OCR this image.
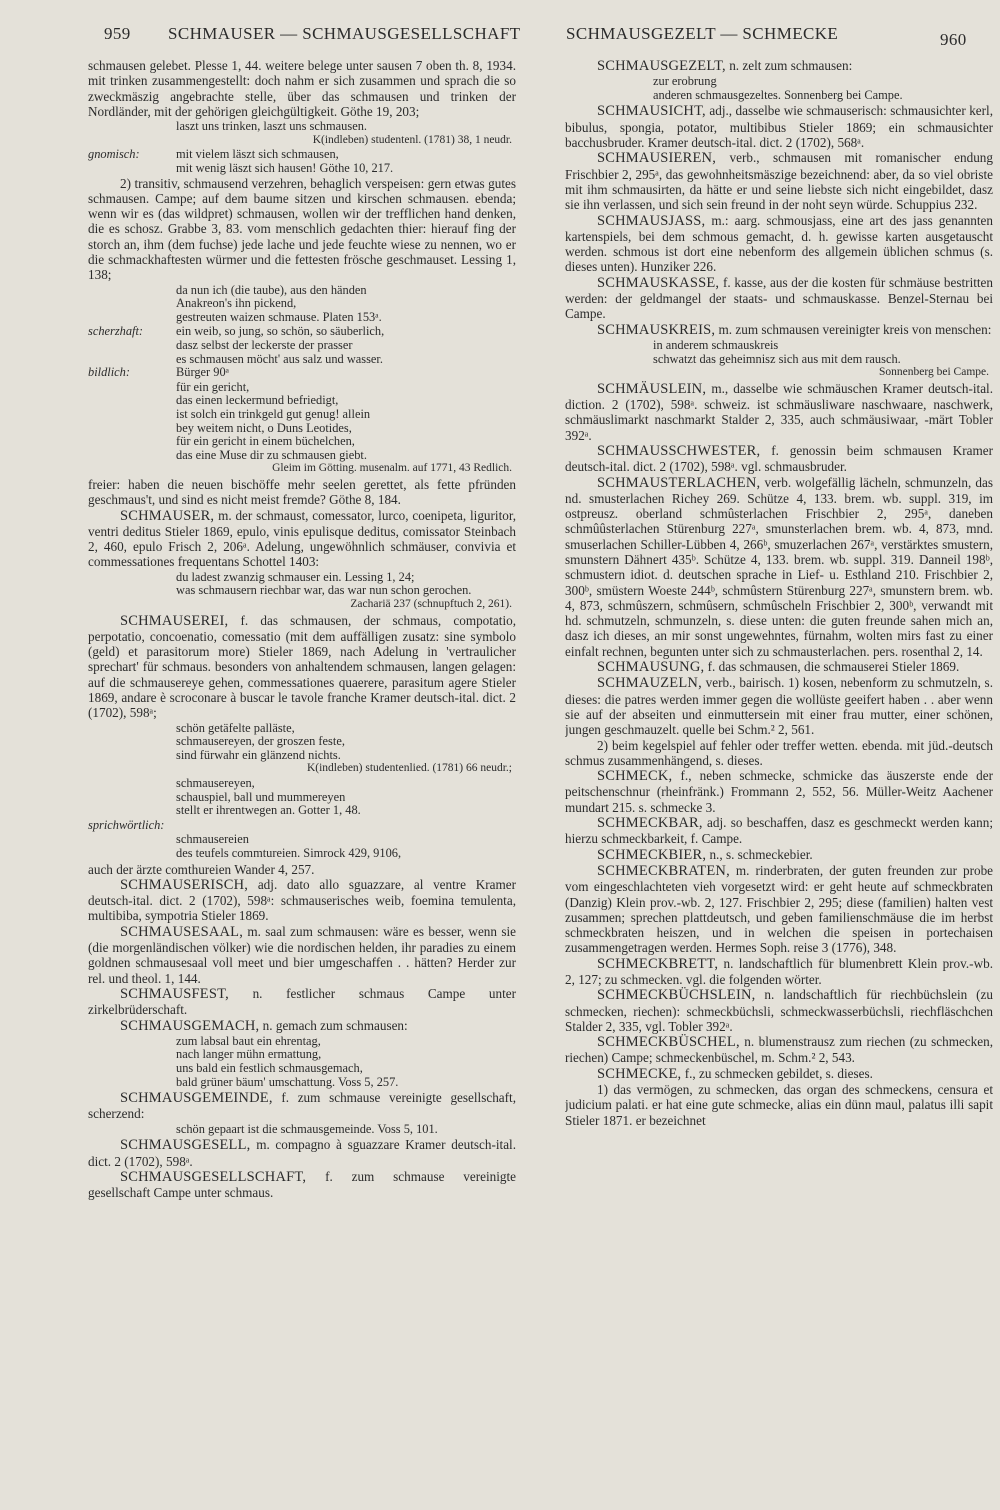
959 SCHMAUSER — SCHMAUSGESELLSCHAFT	SCHMAUSGEZELT — SCHMECKE	960

schmausen gelebet. Plesse 1, 44. weitere belege unter sausen 7 oben th. 8, 1934. mit trinken zusammengestellt: doch nahm er sich zusammen und sprach die so zweckmäszig angebrachte stelle, über das schmausen und trinken der Nordländer, mit der gehörigen gleichgültigkeit. Göthe 19, 203;

laszt uns trinken, laszt uns schmausen.
K(indleben) studentenl. (1781) 38, 1 neudr.
gnomisch:	mit vielem läszt sich schmausen,
mit wenig läszt sich hausen! Göthe 10, 217.

2) transitiv, schmausend verzehren, behaglich verspeisen: gern etwas gutes schmausen. Campe; auf dem baume sitzen und kirschen schmausen. ebenda; wenn wir es (das wildpret) schmausen, wollen wir der trefflichen hand denken, die es schosz. Grabbe 3, 83. vom menschlich gedachten thier: hierauf fing der storch an, ihm (dem fuchse) jede lache und jede feuchte wiese zu nennen, wo er die schmackhaftesten würmer und die fettesten frösche geschmauset. Lessing 1, 138;

da nun ich (die taube), aus den händen
Anakreon's ihn pickend,
gestreuten waizen schmause. Platen 153ᵃ.
scherzhaft:	ein weib, so jung, so schön, so säuberlich,
dasz selbst der leckerste der prasser
es schmausen möcht' aus salz und wasser.
bildlich:	Bürger 90ᵃ
für ein gericht,
das einen leckermund befriedigt,
ist solch ein trinkgeld gut genug! allein
bey weitem nicht, o Duns Leotides,
für ein gericht in einem büchelchen,
das eine Muse dir zu schmausen giebt.
Gleim im Götting. musenalm. auf 1771, 43 Redlich.

freier: haben die neuen bischöffe mehr seelen gerettet, als fette pfründen geschmaus't, und sind es nicht meist fremde? Göthe 8, 184.

SCHMAUSER, m. der schmaust, comessator, lurco, coenipeta, liguritor, ventri deditus Stieler 1869, epulo, vinis epulisque deditus, comissator Steinbach 2, 460, epulo Frisch 2, 206ᵃ. Adelung, ungewöhnlich schmäuser, convivia et commessationes frequentans Schottel 1403:

du ladest zwanzig schmauser ein. Lessing 1, 24;
was schmausern riechbar war, das war nun schon gerochen.
Zachariä 237 (schnupftuch 2, 261).

SCHMAUSEREI, f. das schmausen, der schmaus, compotatio, perpotatio, concoenatio, comessatio (mit dem auffälligen zusatz: sine symbolo (geld) et parasitorum more) Stieler 1869, nach Adelung in 'vertraulicher sprechart' für schmaus. besonders von anhaltendem schmausen, langen gelagen: auf die schmausereye gehen, commessationes quaerere, parasitum agere Stieler 1869, andare è scroconare à buscar le tavole franche Kramer deutsch-ital. dict. 2 (1702), 598ᵃ;

schön getäfelte palläste,
schmausereyen, der groszen feste,
sind fürwahr ein glänzend nichts.
K(indleben) studentenlied. (1781) 66 neudr.;
schmausereyen,
schauspiel, ball und mummereyen
stellt er ihrentwegen an. Gotter 1, 48.
sprichwörtlich:
schmausereien
des teufels commtureien. Simrock 429, 9106,

auch der ärzte comthureien Wander 4, 257.

SCHMAUSERISCH, adj. dato allo sguazzare, al ventre Kramer deutsch-ital. dict. 2 (1702), 598ᵃ: schmauserisches weib, foemina temulenta, multibiba, sympotria Stieler 1869.

SCHMAUSESAAL, m. saal zum schmausen: wäre es besser, wenn sie (die morgenländischen völker) wie die nordischen helden, ihr paradies zu einem goldnen schmausesaal voll meet und bier umgeschaffen . . hätten? Herder zur rel. und theol. 1, 144.

SCHMAUSFEST, n. festlicher schmaus Campe unter zirkelbrüderschaft.

SCHMAUSGEMACH, n. gemach zum schmausen:

zum labsal baut ein ehrentag,
nach langer mühn ermattung,
uns bald ein festlich schmausgemach,
bald grüner bäum' umschattung. Voss 5, 257.

SCHMAUSGEMEINDE, f. zum schmause vereinigte gesellschaft, scherzend:

schön gepaart ist die schmausgemeinde. Voss 5, 101.

SCHMAUSGESELL, m. compagno à sguazzare Kramer deutsch-ital. dict. 2 (1702), 598ᵃ.

SCHMAUSGESELLSCHAFT, f. zum schmause vereinigte gesellschaft Campe unter schmaus.

SCHMAUSGEZELT, n. zelt zum schmausen:

zur erobrung
anderen schmausgezeltes. Sonnenberg bei Campe.

SCHMAUSICHT, adj., dasselbe wie schmauserisch: schmausichter kerl, bibulus, spongia, potator, multibibus Stieler 1869; ein schmausichter bacchusbruder. Kramer deutsch-ital. dict. 2 (1702), 568ᵃ.

SCHMAUSIEREN, verb., schmausen mit romanischer endung Frischbier 2, 295ᵃ, das gewohnheitsmäszige bezeichnend: aber, da so viel obriste mit ihm schmausirten, da hätte er und seine liebste sich nicht eingebildet, dasz sie ihn verlassen, und sich sein freund in der noht seyn würde. Schuppius 232.

SCHMAUSJASS, m.: aarg. schmousjass, eine art des jass genannten kartenspiels, bei dem schmous gemacht, d. h. gewisse karten ausgetauscht werden. schmous ist dort eine nebenform des allgemein üblichen schmus (s. dieses unten). Hunziker 226.

SCHMAUSKASSE, f. kasse, aus der die kosten für schmäuse bestritten werden: der geldmangel der staats- und schmauskasse. Benzel-Sternau bei Campe.

SCHMAUSKREIS, m. zum schmausen vereinigter kreis von menschen:

in anderem schmauskreis
schwatzt das geheimnisz sich aus mit dem rausch.
Sonnenberg bei Campe.

SCHMÄUSLEIN, m., dasselbe wie schmäuschen Kramer deutsch-ital. diction. 2 (1702), 598ᵃ. schweiz. ist schmäusliware naschwaare, naschwerk, schmäuslimarkt naschmarkt Stalder 2, 335, auch schmäusiwaar, -märt Tobler 392ᵃ.

SCHMAUSSCHWESTER, f. genossin beim schmausen Kramer deutsch-ital. dict. 2 (1702), 598ᵃ. vgl. schmausbruder.

SCHMAUSTERLACHEN, verb. wolgefällig lächeln, schmunzeln, das nd. smusterlachen Richey 269. Schütze 4, 133. brem. wb. suppl. 319, im ostpreusz. oberland schmûsterlachen Frischbier 2, 295ᵃ, daneben schmûûsterlachen Stürenburg 227ᵃ, smunsterlachen brem. wb. 4, 873, mnd. smuserlachen Schiller-Lübben 4, 266ᵇ, smuzerlachen 267ᵃ, verstärktes smustern, smunstern Dähnert 435ᵇ. Schütze 4, 133. brem. wb. suppl. 319. Danneil 198ᵇ, schmustern idiot. d. deutschen sprache in Lief- u. Esthland 210. Frischbier 2, 300ᵇ, smüstern Woeste 244ᵇ, schmûstern Stürenburg 227ᵃ, smunstern brem. wb. 4, 873, schmûszern, schmûsern, schmûscheln Frischbier 2, 300ᵇ, verwandt mit hd. schmutzeln, schmunzeln, s. diese unten: die guten freunde sahen mich an, dasz ich dieses, an mir sonst ungewehntes, fürnahm, wolten mirs fast zu einer einfalt rechnen, begunten unter sich zu schmausterlachen. pers. rosenthal 2, 14.

SCHMAUSUNG, f. das schmausen, die schmauserei Stieler 1869.

SCHMAUZELN, verb., bairisch. 1) kosen, nebenform zu schmutzeln, s. dieses: die patres werden immer gegen die wollüste geeifert haben . . aber wenn sie auf der abseiten und einmuttersein mit einer frau mutter, einer schönen, jungen geschmauzelt. quelle bei Schm.² 2, 561.

2) beim kegelspiel auf fehler oder treffer wetten. ebenda. mit jüd.-deutsch schmus zusammenhängend, s. dieses.

SCHMECK, f., neben schmecke, schmicke das äuszerste ende der peitschenschnur (rheinfränk.) Frommann 2, 552, 56. Müller-Weitz Aachener mundart 215. s. schmecke 3.

SCHMECKBAR, adj. so beschaffen, dasz es geschmeckt werden kann; hierzu schmeckbarkeit, f. Campe.

SCHMECKBIER, n., s. schmeckebier.

SCHMECKBRATEN, m. rinderbraten, der guten freunden zur probe vom eingeschlachteten vieh vorgesetzt wird: er geht heute auf schmeckbraten (Danzig) Klein prov.-wb. 2, 127. Frischbier 2, 295; diese (familien) halten vest zusammen; sprechen plattdeutsch, und geben familienschmäuse die im herbst schmeckbraten heiszen, und in welchen die speisen in portechaisen zusammengetragen werden. Hermes Soph. reise 3 (1776), 348.

SCHMECKBRETT, n. landschaftlich für blumenbrett Klein prov.-wb. 2, 127; zu schmecken. vgl. die folgenden wörter.

SCHMECKBÜCHSLEIN, n. landschaftlich für riechbüchslein (zu schmecken, riechen): schmeckbüchsli, schmeckwasserbüchsli, riechfläschchen Stalder 2, 335, vgl. Tobler 392ᵃ.

SCHMECKBÜSCHEL, n. blumenstrausz zum riechen (zu schmecken, riechen) Campe; schmeckenbüschel, m. Schm.² 2, 543.

SCHMECKE, f., zu schmecken gebildet, s. dieses.

1) das vermögen, zu schmecken, das organ des schmeckens, censura et judicium palati. er hat eine gute schmecke, alias ein dünn maul, palatus illi sapit Stieler 1871. er bezeichnet
